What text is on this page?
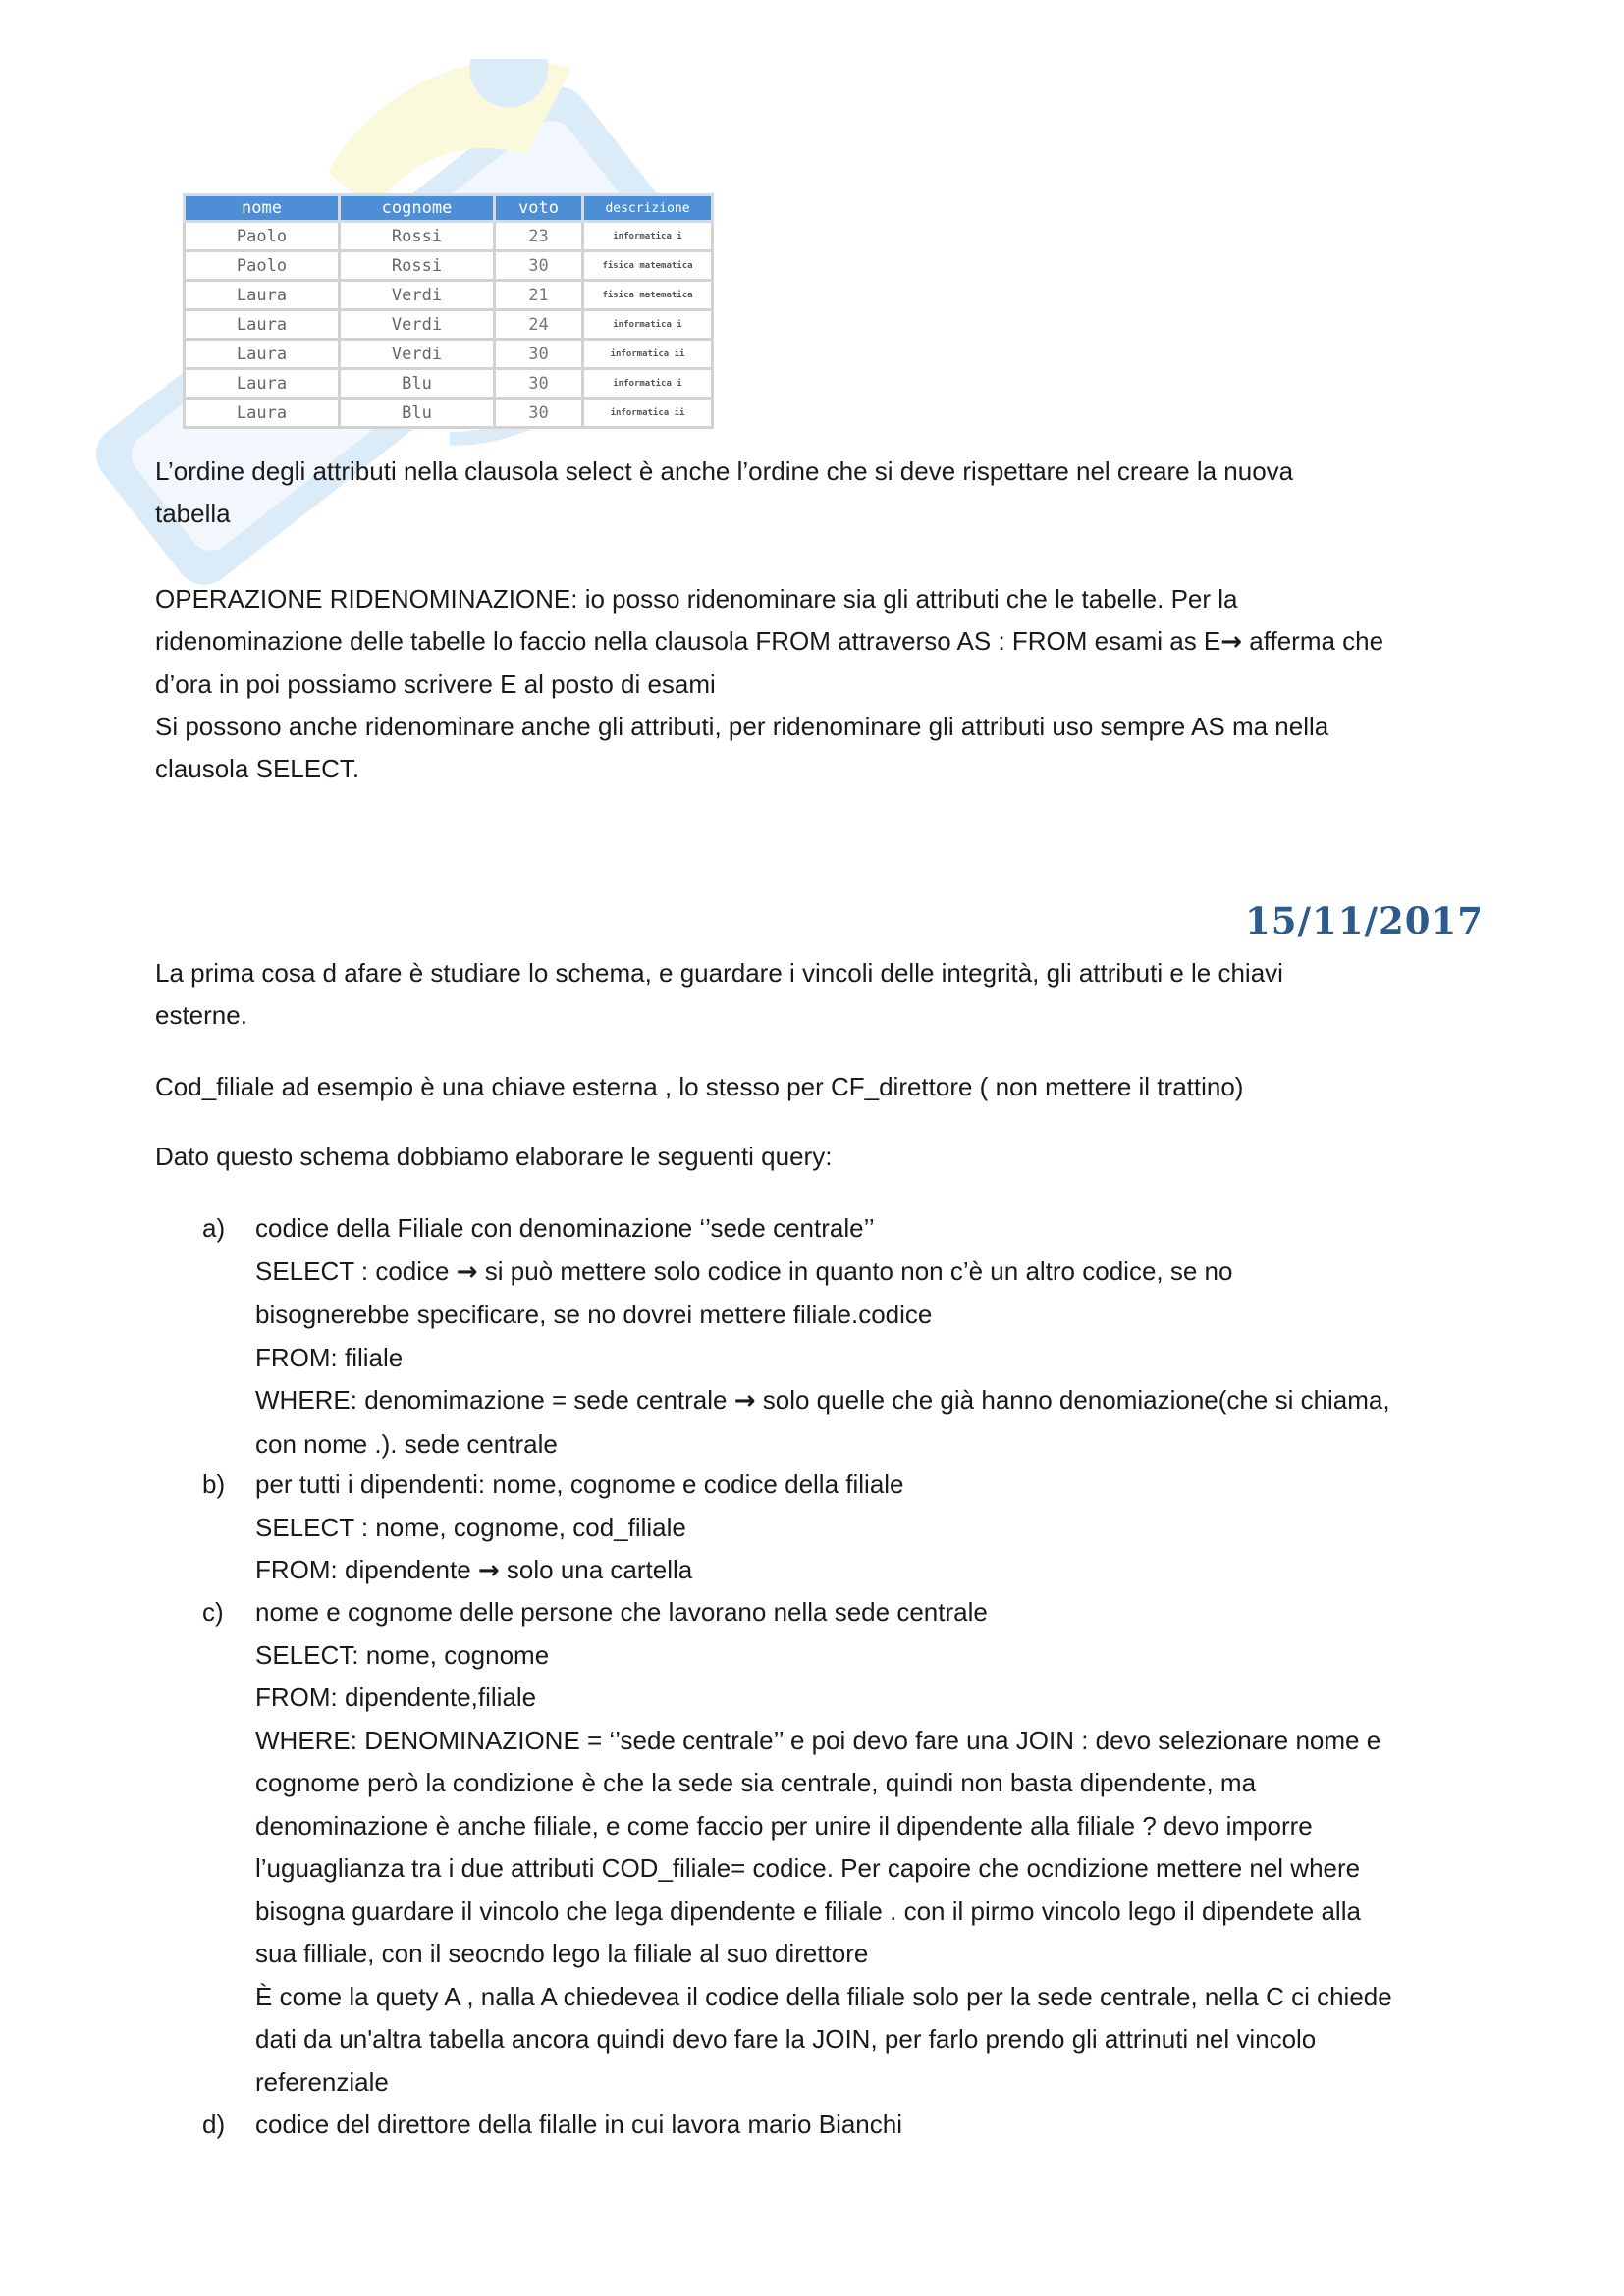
nome	cognome	voto	descrizione
Paolo	Rossi	23	informatica i
Paolo	Rossi	30	fisica matematica
Laura	Verdi	21	fisica matematica
Laura	Verdi	24	informatica i
Laura	Verdi	30	informatica ii
Laura	Blu	30	informatica i
Laura	Blu	30	informatica ii
L’ordine degli attributi nella clausola select è anche l’ordine che si deve rispettare nel creare la nuova
tabella
OPERAZIONE RIDENOMINAZIONE: io posso ridenominare sia gli attributi che le tabelle. Per la
ridenominazione delle tabelle lo faccio nella clausola FROM attraverso AS : FROM esami as E→ afferma che
d’ora in poi possiamo scrivere E al posto di esami
Si possono anche ridenominare anche gli attributi, per ridenominare gli attributi uso sempre AS ma nella
clausola SELECT.
15/11/2017
La prima cosa d afare è studiare lo schema, e guardare i vincoli delle integrità, gli attributi e le chiavi
esterne.
Cod_filiale ad esempio è una chiave esterna , lo stesso per CF_direttore ( non mettere il trattino)
Dato questo schema dobbiamo elaborare le seguenti query:
a) codice della Filiale con denominazione ‘’sede centrale’’
SELECT : codice → si può mettere solo codice in quanto non c’è un altro codice, se no
bisognerebbe specificare, se no dovrei mettere filiale.codice
FROM: filiale
WHERE: denomimazione = sede centrale → solo quelle che già hanno denomiazione(che si chiama,
con nome .). sede centrale
b) per tutti i dipendenti: nome, cognome e codice della filiale
SELECT : nome, cognome, cod_filiale
FROM: dipendente → solo una cartella
c) nome e cognome delle persone che lavorano nella sede centrale
SELECT: nome, cognome
FROM: dipendente,filiale
WHERE: DENOMINAZIONE = ‘’sede centrale’’ e poi devo fare una JOIN : devo selezionare nome e
cognome però la condizione è che la sede sia centrale, quindi non basta dipendente, ma
denominazione è anche filiale, e come faccio per unire il dipendente alla filiale ? devo imporre
l’uguaglianza tra i due attributi COD_filiale= codice. Per capoire che ocndizione mettere nel where
bisogna guardare il vincolo che lega dipendente e filiale . con il pirmo vincolo lego il dipendete alla
sua filliale, con il seocndo lego la filiale al suo direttore
È come la quety A , nalla A chiedevea il codice della filiale solo per la sede centrale, nella C ci chiede
dati da un'altra tabella ancora quindi devo fare la JOIN, per farlo prendo gli attrinuti nel vincolo
referenziale
d) codice del direttore della filalle in cui lavora mario Bianchi
